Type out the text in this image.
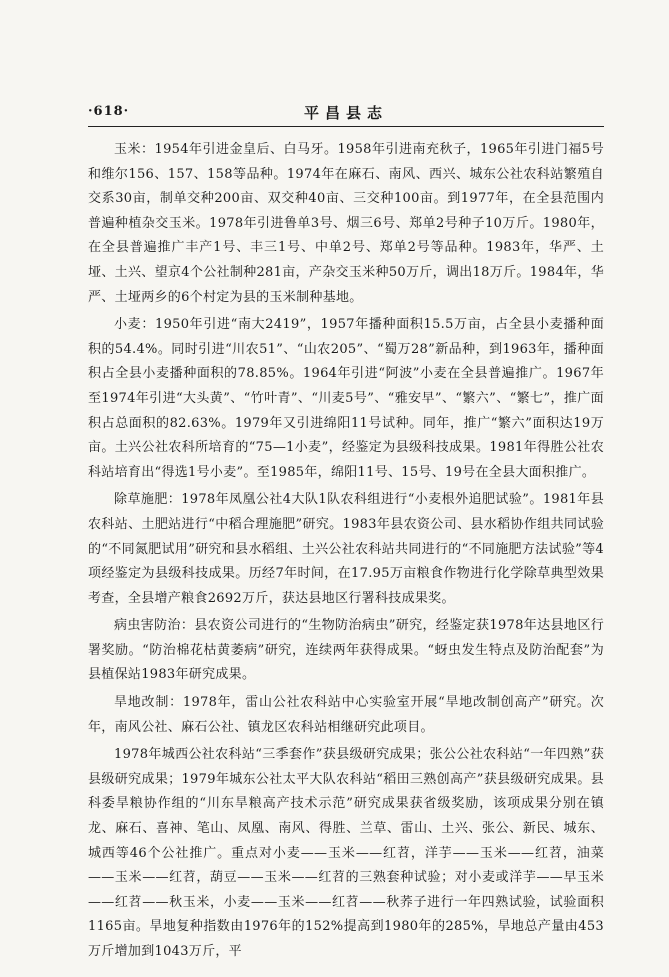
·618·	平昌县志

玉米：1954年引进金皇后、白马牙。1958年引进南充秋子，1965年引进门福5号和维尔156、157、158等品种。1974年在麻石、南风、西兴、城东公社农科站繁殖自交系30亩，制单交种200亩、双交种40亩、三交种100亩。到1977年，在全县范围内普遍种植杂交玉米。1978年引进鲁单3号、烟三6号、郑单2号种子10万斤。1980年，在全县普遍推广丰产1号、丰三1号、中单2号、郑单2号等品种。1983年，华严、土垭、土兴、望京4个公社制种281亩，产杂交玉米种50万斤，调出18万斤。1984年，华严、土垭两乡的6个村定为县的玉米制种基地。

小麦：1950年引进“南大2419”，1957年播种面积15.5万亩，占全县小麦播种面积的54.4%。同时引进“川农51”、“山农205”、“蜀万28”新品种，到1963年，播种面积占全县小麦播种面积的78.85%。1964年引进“阿波”小麦在全县普遍推广。1967年至1974年引进“大头黄”、“竹叶青”、“川麦5号”、“雅安早”、“繁六”、“繁七”，推广面积占总面积的82.63%。1979年又引进绵阳11号试种。同年，推广“繁六”面积达19万亩。土兴公社农科所培育的“75—1小麦”，经鉴定为县级科技成果。1981年得胜公社农科站培育出“得选1号小麦”。至1985年，绵阳11号、15号、19号在全县大面积推广。

除草施肥：1978年凤凰公社4大队1队农科组进行“小麦根外追肥试验”。1981年县农科站、土肥站进行“中稻合理施肥”研究。1983年县农资公司、县水稻协作组共同试验的“不同氮肥试用”研究和县水稻组、土兴公社农科站共同进行的“不同施肥方法试验”等4项经鉴定为县级科技成果。历经7年时间，在17.95万亩粮食作物进行化学除草典型效果考查，全县增产粮食2692万斤，获达县地区行署科技成果奖。

病虫害防治：县农资公司进行的“生物防治病虫”研究，经鉴定获1978年达县地区行署奖励。“防治棉花枯黄萎病”研究，连续两年获得成果。“蚜虫发生特点及防治配套”为县植保站1983年研究成果。

旱地改制：1978年，雷山公社农科站中心实验室开展“旱地改制创高产”研究。次年，南风公社、麻石公社、镇龙区农科站相继研究此项目。

1978年城西公社农科站“三季套作”获县级研究成果；张公公社农科站“一年四熟”获县级研究成果；1979年城东公社太平大队农科站“稻田三熟创高产”获县级研究成果。县科委旱粮协作组的“川东旱粮高产技术示范”研究成果获省级奖励，该项成果分别在镇龙、麻石、喜神、笔山、凤凰、南风、得胜、兰草、雷山、土兴、张公、新民、城东、城西等46个公社推广。重点对小麦——玉米——红苕，洋芋——玉米——红苕，油菜——玉米——红苕，葫豆——玉米——红苕的三熟套种试验；对小麦或洋芋——早玉米——红苕——秋玉米，小麦——玉米——红苕——秋荞子进行一年四熟试验，试验面积1165亩。旱地复种指数由1976年的152%提高到1980年的285%，旱地总产量由453万斤增加到1043万斤，平
